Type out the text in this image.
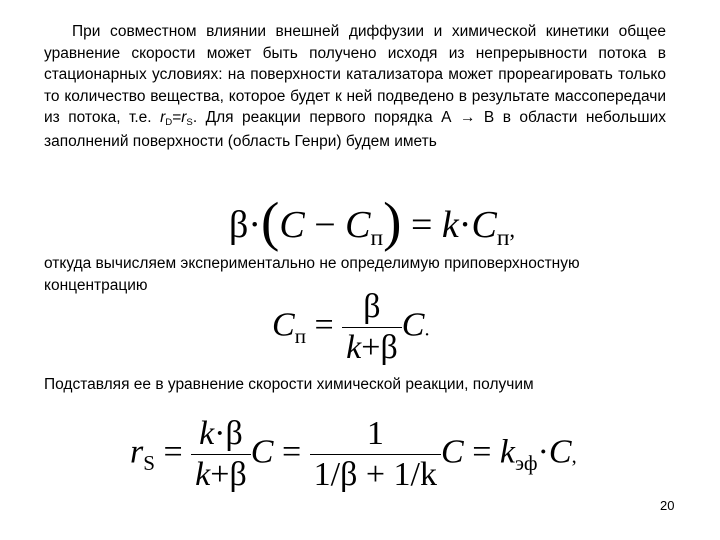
При совместном влиянии внешней диффузии и химической кинетики общее уравнение скорости может быть получено исходя из непрерывности потока в стационарных условиях: на поверхности катализатора может прореагировать только то количество вещества, которое будет к ней подведено в результате массопередачи из потока, т.е. $r_D=r_S$. Для реакции первого порядка А → В в области небольших заполнений поверхности (область Генри) будем иметь
$\beta\cdot(C - C_п) = k\cdot C_п$,
откуда вычисляем экспериментально не определимую приповерхностную концентрацию
$C_п = \frac{\beta}{k+\beta} C$.
Подставляя ее в уравнение скорости химической реакции, получим
$r_S = \frac{k\cdot\beta}{k+\beta}$ $C = \frac{1}{1/\beta + 1/k}$ $C = k_{эф}\cdot C$,
20
